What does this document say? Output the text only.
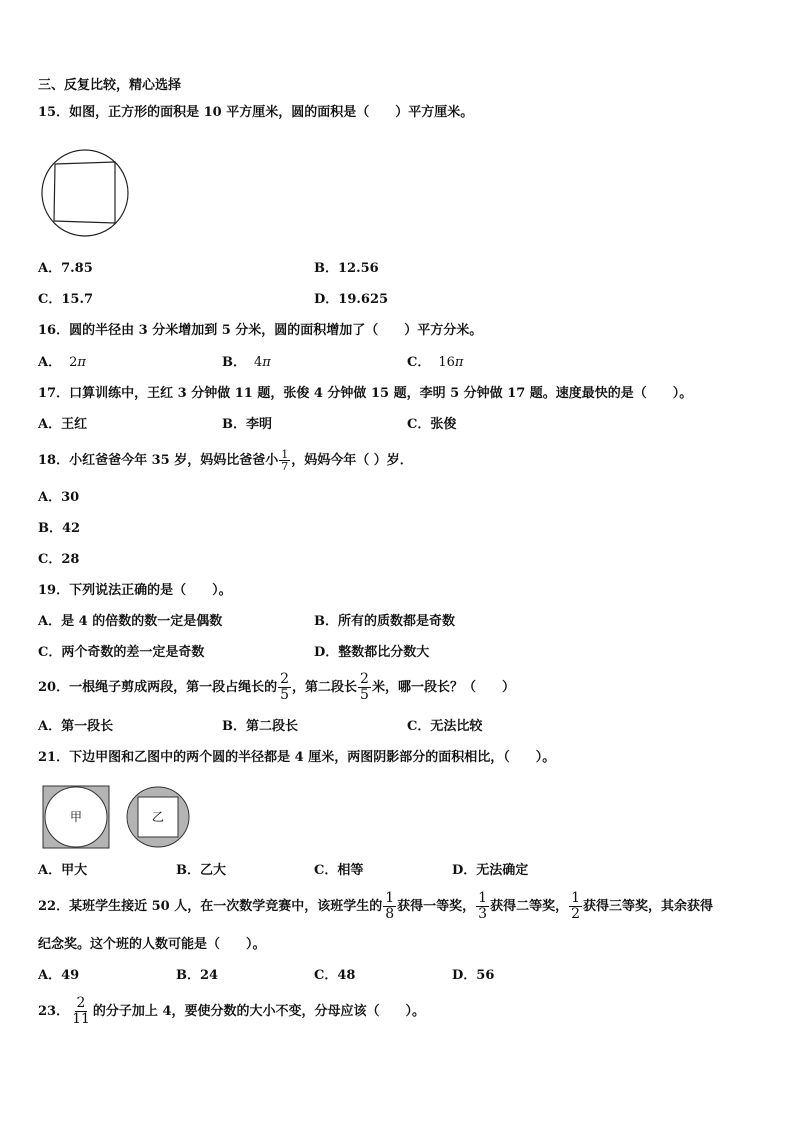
三、反复比较，精心选择
15．如图，正方形的面积是 10 平方厘米，圆的面积是（　　）平方厘米。
A．7.85	B．12.56
C．15.7	D．19.625
16．圆的半径由 3 分米增加到 5 分米，圆的面积增加了（　　）平方分米。
A． 2π	B． 4π	C． 16π
17．口算训练中，王红 3 分钟做 11 题，张俊 4 分钟做 15 题，李明 5 分钟做 17 题。速度最快的是（　　）。
A．王红	B．李明	C．张俊
18．小红爸爸今年 35 岁，妈妈比爸爸小 $\frac{1}{7}$ ，妈妈今年（ ）岁．
A．30
B．42
C．28
19．下列说法正确的是（　　）。
A．是 4 的倍数的数一定是偶数	B．所有的质数都是奇数
C．两个奇数的差一定是奇数	D．整数都比分数大
20．一根绳子剪成两段，第一段占绳长的 $\frac{2}{5}$ ，第二段长 $\frac{2}{5}$ 米，哪一段长？（　　）
A．第一段长	B．第二段长	C．无法比较
21．下边甲图和乙图中的两个圆的半径都是 4 厘米，两图阴影部分的面积相比，（　　）。
甲	乙
A．甲大	B．乙大	C．相等	D．无法确定
22．某班学生接近 50 人，在一次数学竞赛中，该班学生的 $\frac{1}{8}$ 获得一等奖， $\frac{1}{3}$ 获得二等奖， $\frac{1}{2}$ 获得三等奖，其余获得
纪念奖。这个班的人数可能是（　　）。
A．49	B．24	C．48	D．56
23． $\frac{2}{11}$ 的分子加上 4，要使分数的大小不变，分母应该（　　）。
